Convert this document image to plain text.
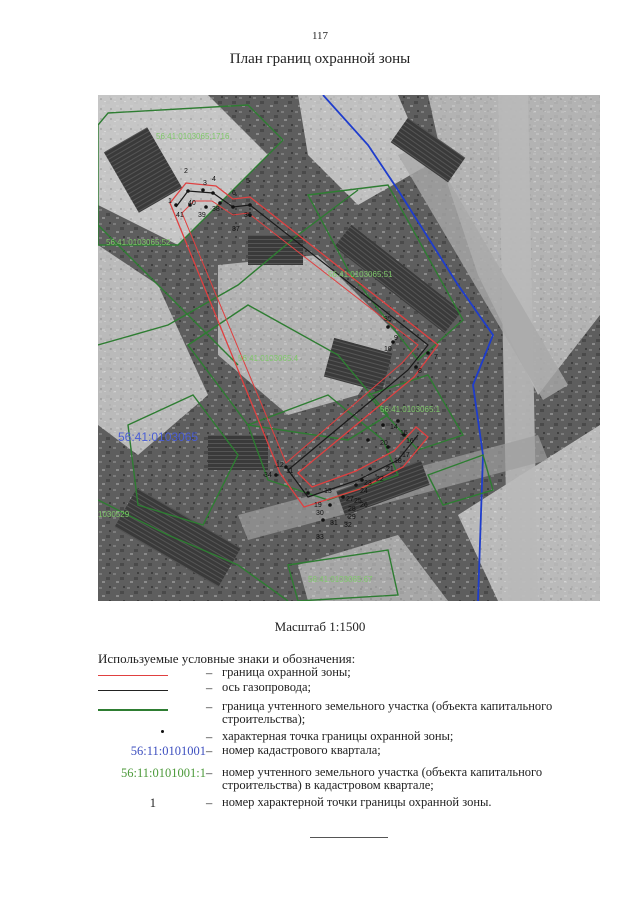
117
План границ охранной зоны
1
2
3
4	5
6
7
8
9
10
11
12
13
14
15
16
17
18
19
20
21
22
23
24
25
26
27
28
29
30
31 32
33
34
35
36
37
38
39
40
41
56:41:0103065:1716
56:41:0103065:52
56:41:0103065:51
56:41:0103065:4
56:41:0103065:1
1030529
56:41:0103065:67
56:41:0103065
Масштаб 1:1500
Используемые условные знаки и обозначения:
– граница охранной зоны;
– ось газопровода;
– граница учтенного земельного участка (объекта капитального строительства);
– характерная точка границы охранной зоны;
56:11:0101001 – номер кадастрового квартала;
56:11:0101001:1 – номер учтенного земельного участка (объекта капитального строительства) в кадастровом квартале;
1	– номер характерной точки границы охранной зоны.
